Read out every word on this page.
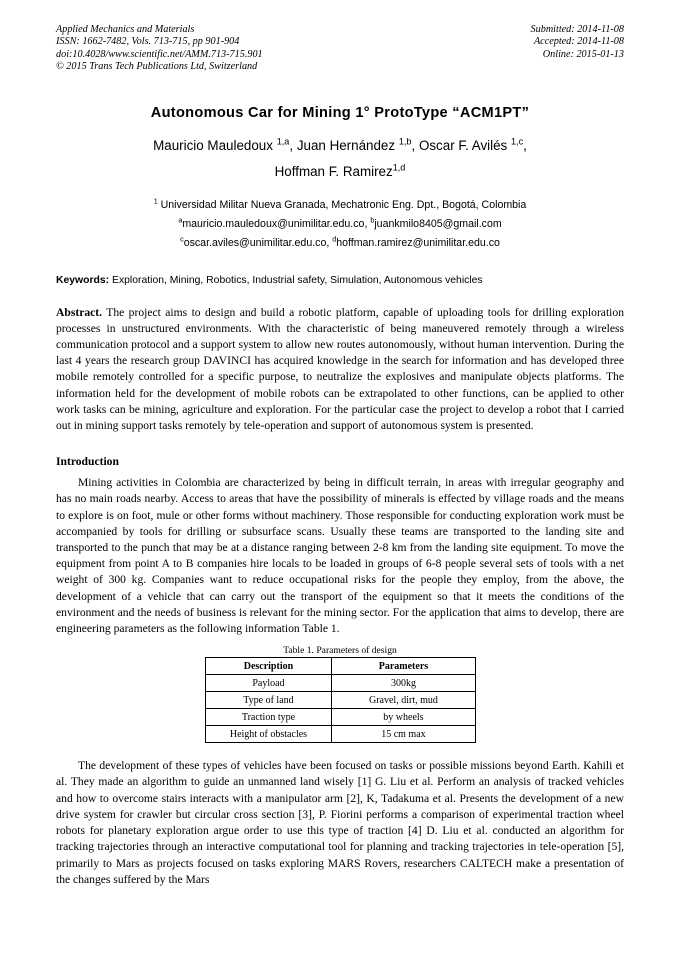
Applied Mechanics and Materials
ISSN: 1662-7482, Vols. 713-715, pp 901-904
doi:10.4028/www.scientific.net/AMM.713-715.901
© 2015 Trans Tech Publications Ltd, Switzerland
Submitted: 2014-11-08
Accepted: 2014-11-08
Online: 2015-01-13
Autonomous Car for Mining 1° ProtoType “ACM1PT”
Mauricio Mauledoux $^{1,a}$, Juan Hernández $^{1,b}$, Oscar F. Avilés $^{1,c}$,
Hoffman F. Ramirez$^{1,d}$
$^1$ Universidad Militar Nueva Granada, Mechatronic Eng. Dpt., Bogotá, Colombia
$^a$mauricio.mauledoux@unimilitar.edu.co, $^b$juankmilo8405@gmail.com
$^c$oscar.aviles@unimilitar.edu.co, $^d$hoffman.ramirez@unimilitar.edu.co
Keywords: Exploration, Mining, Robotics, Industrial safety, Simulation, Autonomous vehicles
Abstract. The project aims to design and build a robotic platform, capable of uploading tools for drilling exploration processes in unstructured environments. With the characteristic of being maneuvered remotely through a wireless communication protocol and a support system to allow new routes autonomously, without human intervention. During the last 4 years the research group DAVINCI has acquired knowledge in the search for information and has developed three mobile remotely controlled for a specific purpose, to neutralize the explosives and manipulate objects platforms. The information held for the development of mobile robots can be extrapolated to other functions, can be applied to other work tasks can be mining, agriculture and exploration. For the particular case the project to develop a robot that I carried out in mining support tasks remotely by tele-operation and support of autonomous system is presented.
Introduction
Mining activities in Colombia are characterized by being in difficult terrain, in areas with irregular geography and has no main roads nearby. Access to areas that have the possibility of minerals is effected by village roads and the means to explore is on foot, mule or other forms without machinery. Those responsible for conducting exploration work must be accompanied by tools for drilling or subsurface scans. Usually these teams are transported to the landing site and transported to the punch that may be at a distance ranging between 2-8 km from the landing site equipment. To move the equipment from point A to B companies hire locals to be loaded in groups of 6-8 people several sets of tools with a net weight of 300 kg. Companies want to reduce occupational risks for the people they employ, from the above, the development of a vehicle that can carry out the transport of the equipment so that it meets the conditions of the environment and the needs of business is relevant for the mining sector. For the application that aims to develop, there are engineering parameters as the following information Table 1.
Table 1. Parameters of design
Description	Parameters
Payload	300kg
Type of land	Gravel, dirt, mud
Traction type	by wheels
Height of obstacles	15 cm max
The development of these types of vehicles have been focused on tasks or possible missions beyond Earth. Kahili et al. They made an algorithm to guide an unmanned land wisely [1] G. Liu et al. Perform an analysis of tracked vehicles and how to overcome stairs interacts with a manipulator arm [2], K, Tadakuma et al. Presents the development of a new drive system for crawler but circular cross section [3], P. Fiorini performs a comparison of experimental traction wheel robots for planetary exploration argue order to use this type of traction [4] D. Liu et al. conducted an algorithm for tracking trajectories through an interactive computational tool for planning and tracking trajectories in tele-operation [5], primarily to Mars as projects focused on tasks exploring MARS Rovers, researchers CALTECH make a presentation of the changes suffered by the Mars
